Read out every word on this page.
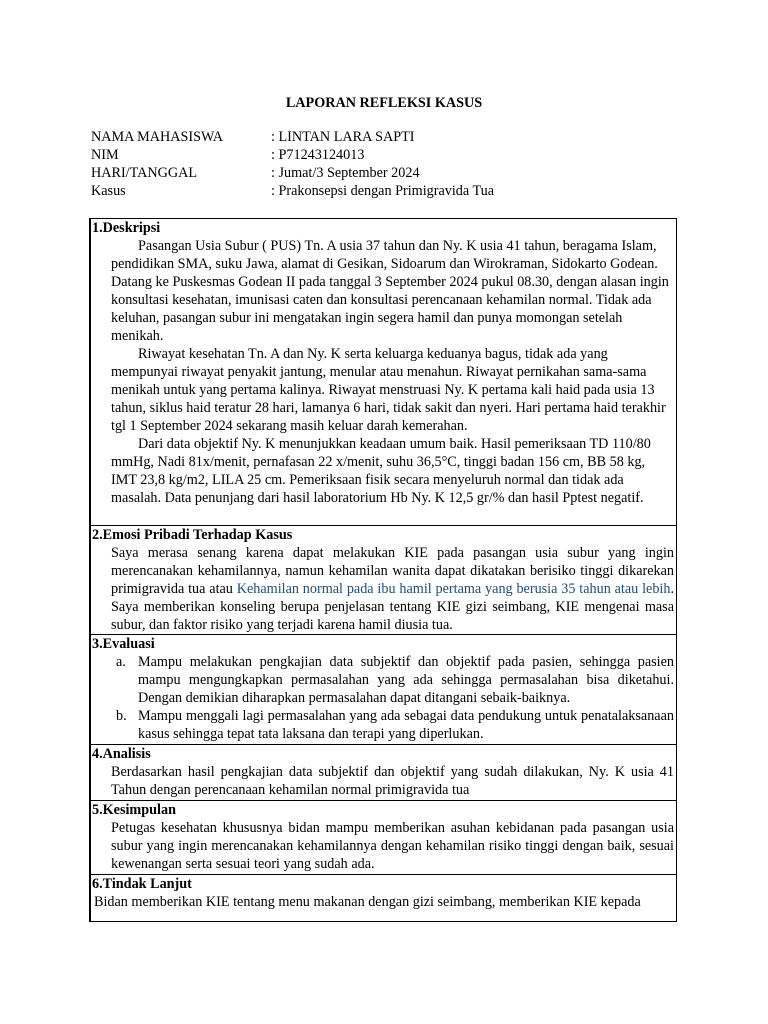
LAPORAN REFLEKSI KASUS
NAMA MAHASISWA	: LINTAN LARA SAPTI
NIM	: P71243124013
HARI/TANGGAL	: Jumat/3 September 2024
Kasus	: Prakonsepsi dengan Primigravida Tua
1.Deskripsi

Pasangan Usia Subur ( PUS) Tn. A usia 37 tahun dan Ny. K usia 41 tahun, beragama Islam, pendidikan SMA, suku Jawa, alamat di Gesikan, Sidoarum dan Wirokraman, Sidokarto Godean. Datang ke Puskesmas Godean II pada tanggal 3 September 2024 pukul 08.30, dengan alasan ingin konsultasi kesehatan, imunisasi caten dan konsultasi perencanaan kehamilan normal. Tidak ada keluhan, pasangan subur ini mengatakan ingin segera hamil dan punya momongan setelah menikah.

Riwayat kesehatan Tn. A dan Ny. K serta keluarga keduanya bagus, tidak ada yang mempunyai riwayat penyakit jantung, menular atau menahun. Riwayat pernikahan sama-sama menikah untuk yang pertama kalinya. Riwayat menstruasi Ny. K pertama kali haid pada usia 13 tahun, siklus haid teratur 28 hari, lamanya 6 hari, tidak sakit dan nyeri. Hari pertama haid terakhir tgl 1 September 2024 sekarang masih keluar darah kemerahan.

Dari data objektif Ny. K menunjukkan keadaan umum baik. Hasil pemeriksaan TD 110/80 mmHg, Nadi 81x/menit, pernafasan 22 x/menit, suhu 36,5°C, tinggi badan 156 cm, BB 58 kg, IMT 23,8 kg/m2, LILA 25 cm. Pemeriksaan fisik secara menyeluruh normal dan tidak ada masalah. Data penunjang dari hasil laboratorium Hb Ny. K 12,5 gr/% dan hasil Pptest negatif.

2.Emosi Pribadi Terhadap Kasus
Saya merasa senang karena dapat melakukan KIE pada pasangan usia subur yang ingin merencanakan kehamilannya, namun kehamilan wanita dapat dikatakan berisiko tinggi dikarekan primigravida tua atau Kehamilan normal pada ibu hamil pertama yang berusia 35 tahun atau lebih. Saya memberikan konseling berupa penjelasan tentang KIE gizi seimbang, KIE mengenai masa subur, dan faktor risiko yang terjadi karena hamil diusia tua.
3.Evaluasi
a. Mampu melakukan pengkajian data subjektif dan objektif pada pasien, sehingga pasien mampu mengungkapkan permasalahan yang ada sehingga permasalahan bisa diketahui. Dengan demikian diharapkan permasalahan dapat ditangani sebaik-baiknya.
b. Mampu menggali lagi permasalahan yang ada sebagai data pendukung untuk penatalaksanaan kasus sehingga tepat tata laksana dan terapi yang diperlukan.
4.Analisis
Berdasarkan hasil pengkajian data subjektif dan objektif yang sudah dilakukan, Ny. K usia 41 Tahun dengan perencanaan kehamilan normal primigravida tua
5.Kesimpulan
Petugas kesehatan khususnya bidan mampu memberikan asuhan kebidanan pada pasangan usia subur yang ingin merencanakan kehamilannya dengan kehamilan risiko tinggi dengan baik, sesuai kewenangan serta sesuai teori yang sudah ada.
6.Tindak Lanjut
Bidan memberikan KIE tentang menu makanan dengan gizi seimbang, memberikan KIE kepada
